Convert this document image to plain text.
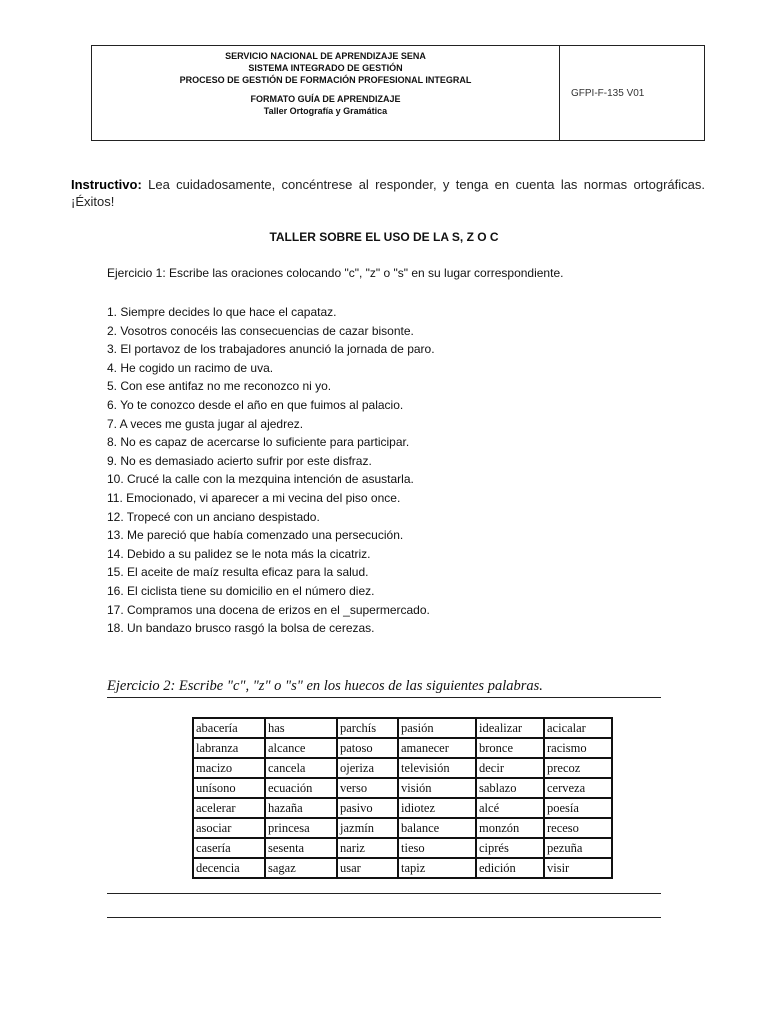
SERVICIO NACIONAL DE APRENDIZAJE SENA
SISTEMA INTEGRADO DE GESTIÓN
PROCESO DE GESTIÓN DE FORMACIÓN PROFESIONAL INTEGRAL
FORMATO GUÍA DE APRENDIZAJE
Taller Ortografía y Gramática
GFPI-F-135 V01
Instructivo: Lea cuidadosamente, concéntrese al responder, y tenga en cuenta las normas ortográficas. ¡Éxitos!
TALLER SOBRE EL USO DE LA S, Z O C
Ejercicio 1: Escribe las oraciones colocando "c", "z" o "s" en su lugar correspondiente.
1. Siempre decides lo que hace el capataz.
2. Vosotros conocéis las consecuencias de cazar bisonte.
3. El portavoz de los trabajadores anunció la jornada de paro.
4. He cogido un racimo de uva.
5. Con ese antifaz no me reconozco ni yo.
6. Yo te conozco desde el año en que fuimos al palacio.
7. A veces me gusta jugar al ajedrez.
8. No es capaz de acercarse lo suficiente para participar.
9. No es demasiado acierto sufrir por este disfraz.
10. Crucé la calle con la mezquina intención de asustarla.
11. Emocionado, vi aparecer a mi vecina del piso once.
12. Tropecé con un anciano despistado.
13. Me pareció que había comenzado una persecución.
14. Debido a su palidez se le nota más la cicatriz.
15. El aceite de maíz resulta eficaz para la salud.
16. El ciclista tiene su domicilio en el número diez.
17. Compramos una docena de erizos en el _supermercado.
18. Un bandazo brusco rasgó la bolsa de cerezas.
Ejercicio 2: Escribe "c", "z" o "s" en los huecos de las siguientes palabras.
abacería	has	parchís	pasión	idealizar	acicalar
labranza	alcance	patoso	amanecer	bronce	racismo
macizo	cancela	ojeriza	televisión	decir	precoz
unísono	ecuación	verso	visión	sablazo	cerveza
acelerar	hazaña	pasivo	idiotez	alcé	poesía
asociar	princesa	jazmín	balance	monzón	receso
casería	sesenta	nariz	tieso	ciprés	pezuña
decencia	sagaz	usar	tapiz	edición	visir
